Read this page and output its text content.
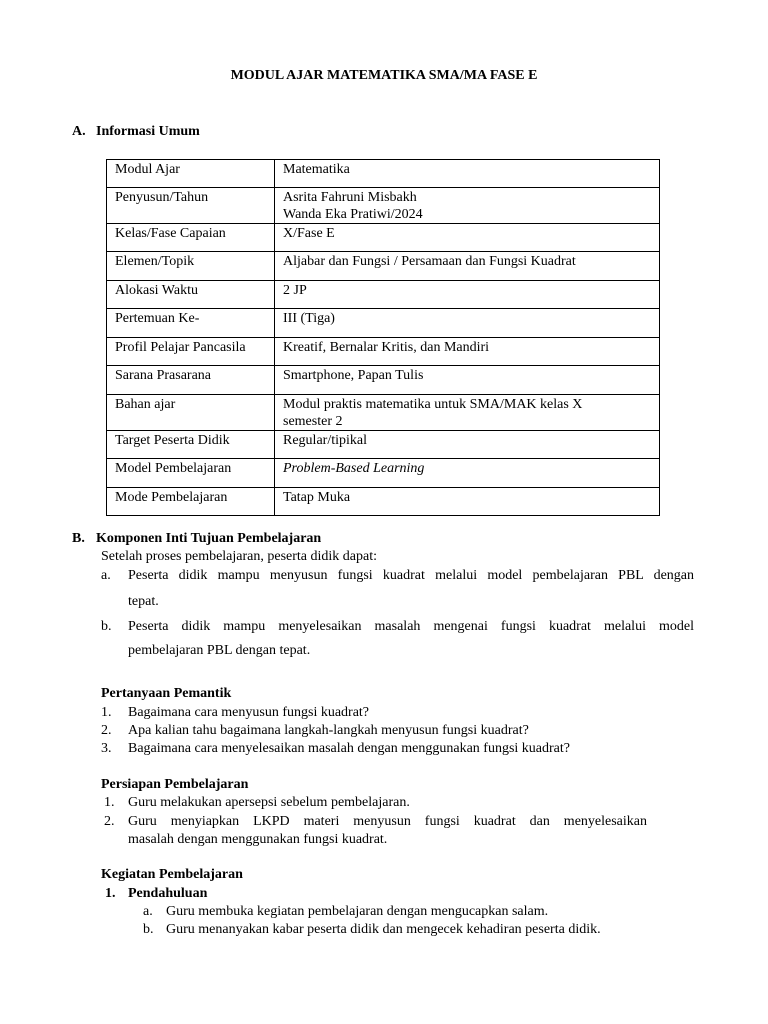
MODUL AJAR MATEMATIKA SMA/MA FASE E
A. Informasi Umum
Modul Ajar	Matematika
Penyusun/Tahun	Asrita Fahruni Misbakh
Wanda Eka Pratiwi/2024

Kelas/Fase Capaian	X/Fase E
Elemen/Topik	Aljabar dan Fungsi / Persamaan dan Fungsi Kuadrat
Alokasi Waktu	2 JP
Pertemuan Ke-	III (Tiga)
Profil Pelajar Pancasila	Kreatif, Bernalar Kritis, dan Mandiri
Sarana Prasarana	Smartphone, Papan Tulis
Bahan ajar	Modul praktis matematika untuk SMA/MAK kelas X
semester 2

Target Peserta Didik	Regular/tipikal
Model Pembelajaran	Problem-Based Learning
Mode Pembelajaran	Tatap Muka
B. Komponen Inti Tujuan Pembelajaran
Setelah proses pembelajaran, peserta didik dapat:
a. Peserta didik mampu menyusun fungsi kuadrat melalui model pembelajaran PBL dengan
tepat.
b. Peserta didik mampu menyelesaikan masalah mengenai fungsi kuadrat melalui model
pembelajaran PBL dengan tepat.
Pertanyaan Pemantik
1. Bagaimana cara menyusun fungsi kuadrat?
2. Apa kalian tahu bagaimana langkah-langkah menyusun fungsi kuadrat?
3. Bagaimana cara menyelesaikan masalah dengan menggunakan fungsi kuadrat?
Persiapan Pembelajaran
1. Guru melakukan apersepsi sebelum pembelajaran.
2. Guru menyiapkan LKPD materi menyusun fungsi kuadrat dan menyelesaikan
masalah dengan menggunakan fungsi kuadrat.
Kegiatan Pembelajaran
1. Pendahuluan
a. Guru membuka kegiatan pembelajaran dengan mengucapkan salam.
b. Guru menanyakan kabar peserta didik dan mengecek kehadiran peserta didik.
